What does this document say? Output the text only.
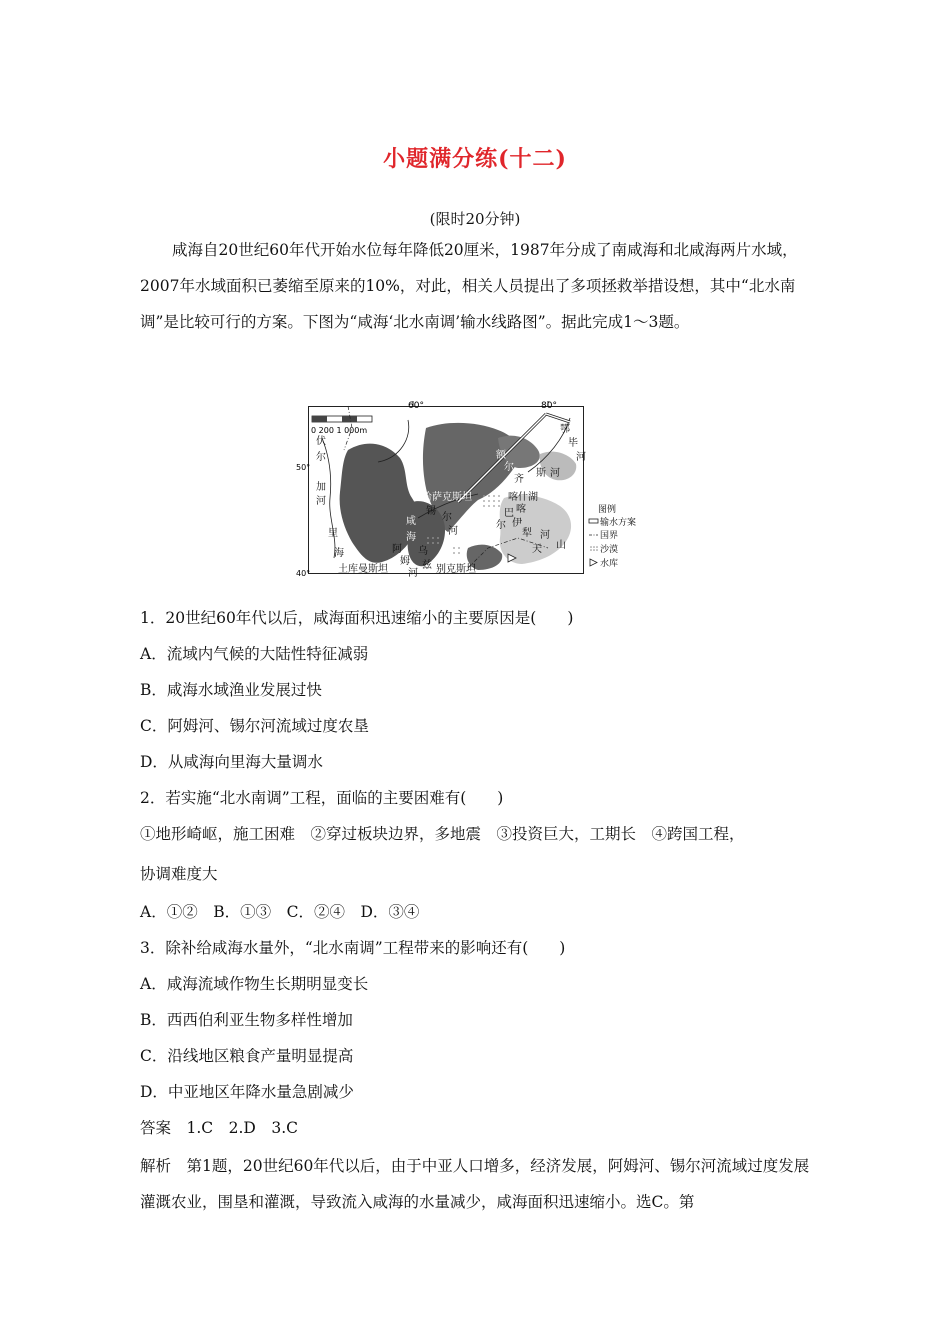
小题满分练(十二)
(限时20分钟)
咸海自20世纪60年代开始水位每年降低20厘米，1987年分成了南咸海和北咸海两片水域，2007年水域面积已萎缩至原来的10%，对此，相关人员提出了多项拯救举措设想，其中“北水南调”是比较可行的方案。下图为“咸海‘北水南调’输水线路图”。据此完成1～3题。
60°	80°
50°
40°
0 200 1 000m
伏
尔
加
河
额
尔
齐
斯 河
鄂
毕
河
哈萨克斯坦	喀什湖
巴
尔
喀
伊
犁 河
里
海
咸
海
锡
尔
河
阿
姆
河
乌
兹 别克斯坦
土库曼斯坦
天 山
图例
输水方案
国界
沙漠
水库
1．20世纪60年代以后，咸海面积迅速缩小的主要原因是(　　)
A．流域内气候的大陆性特征减弱
B．咸海水域渔业发展过快
C．阿姆河、锡尔河流域过度农垦
D．从咸海向里海大量调水
2．若实施“北水南调”工程，面临的主要困难有(　　)
①地形崎岖，施工困难　②穿过板块边界，多地震　③投资巨大，工期长　④跨国工程，
协调难度大
A．①②　B．①③　C．②④　D．③④
3．除补给咸海水量外，“北水南调”工程带来的影响还有(　　)
A．咸海流域作物生长期明显变长
B．西西伯利亚生物多样性增加
C．沿线地区粮食产量明显提高
D．中亚地区年降水量急剧减少
答案　1.C　2.D　3.C
解析　第1题，20世纪60年代以后，由于中亚人口增多，经济发展，阿姆河、锡尔河流域过度发展灌溉农业，围垦和灌溉，导致流入咸海的水量减少，咸海面积迅速缩小。选C。第
